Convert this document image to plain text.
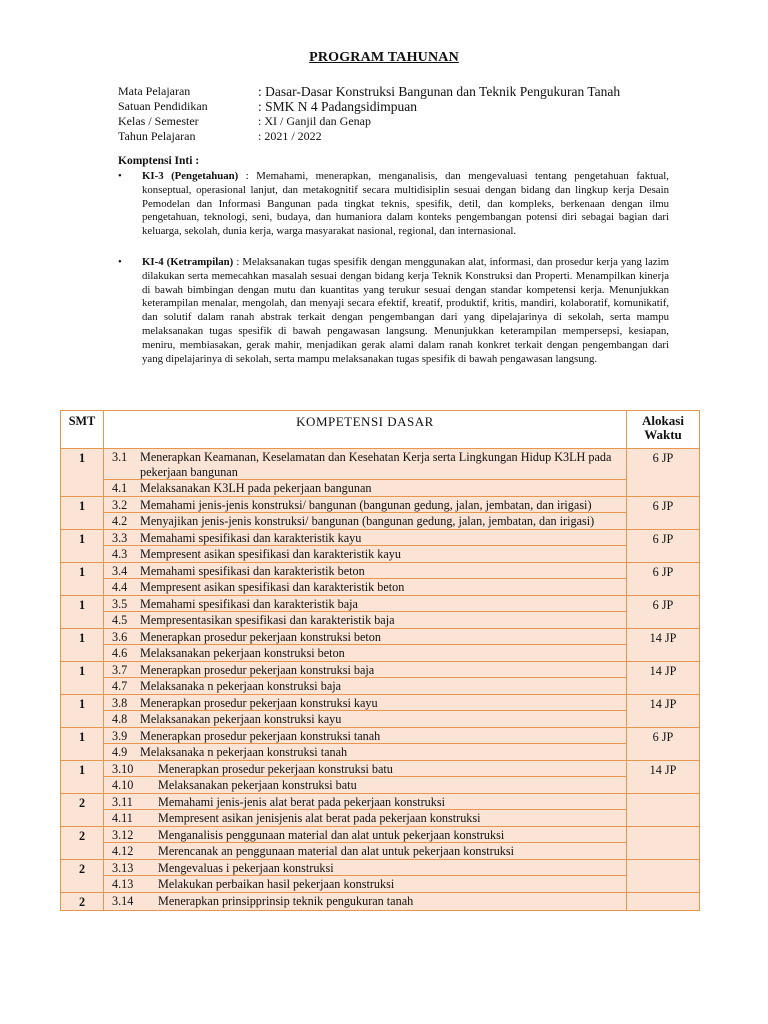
PROGRAM TAHUNAN
Mata Pelajaran	: Dasar-Dasar Konstruksi Bangunan dan Teknik Pengukuran Tanah
Satuan Pendidikan	: SMK N 4 Padangsidimpuan
Kelas / Semester	: XI / Ganjil dan Genap
Tahun Pelajaran	: 2021 / 2022
Komptensi Inti :
•	KI-3 (Pengetahuan) : Memahami, menerapkan, menganalisis, dan mengevaluasi tentang pengetahuan faktual, konseptual, operasional lanjut, dan metakognitif secara multidisiplin sesuai dengan bidang dan lingkup kerja Desain Pemodelan dan Informasi Bangunan pada tingkat teknis, spesifik, detil, dan kompleks, berkenaan dengan ilmu pengetahuan, teknologi, seni, budaya, dan humaniora dalam konteks pengembangan potensi diri sebagai bagian dari keluarga, sekolah, dunia kerja, warga masyarakat nasional, regional, dan internasional.
•	KI-4 (Ketrampilan) : Melaksanakan tugas spesifik dengan menggunakan alat, informasi, dan prosedur kerja yang lazim dilakukan serta memecahkan masalah sesuai dengan bidang kerja Teknik Konstruksi dan Properti. Menampilkan kinerja di bawah bimbingan dengan mutu dan kuantitas yang terukur sesuai dengan standar kompetensi kerja. Menunjukkan keterampilan menalar, mengolah, dan menyaji secara efektif, kreatif, produktif, kritis, mandiri, kolaboratif, komunikatif, dan solutif dalam ranah abstrak terkait dengan pengembangan dari yang dipelajarinya di sekolah, serta mampu melaksanakan tugas spesifik di bawah pengawasan langsung. Menunjukkan keterampilan mempersepsi, kesiapan, meniru, membiasakan, gerak mahir, menjadikan gerak alami dalam ranah konkret terkait dengan pengembangan dari yang dipelajarinya di sekolah, serta mampu melaksanakan tugas spesifik di bawah pengawasan langsung.
SMT	KOMPETENSI DASAR	Alokasi Waktu
1	3.1 Menerapkan Keamanan, Keselamatan dan Kesehatan Kerja serta Lingkungan Hidup K3LH pada pekerjaan bangunan
4.1 Melaksanakan K3LH pada pekerjaan bangunan	6 JP
1	3.2 Memahami jenis-jenis konstruksi/ bangunan (bangunan gedung, jalan, jembatan, dan irigasi)
4.2 Menyajikan jenis-jenis konstruksi/ bangunan (bangunan gedung, jalan, jembatan, dan irigasi)	6 JP
1	3.3 Memahami spesifikasi dan karakteristik kayu
4.3 Mempresent asikan spesifikasi dan karakteristik kayu	6 JP
1	3.4 Memahami spesifikasi dan karakteristik beton
4.4 Mempresent asikan spesifikasi dan karakteristik beton	6 JP
1	3.5 Memahami spesifikasi dan karakteristik baja
4.5 Mempresentasikan spesifikasi dan karakteristik baja	6 JP
1	3.6 Menerapkan prosedur pekerjaan konstruksi beton
4.6 Melaksanakan pekerjaan konstruksi beton	14 JP
1	3.7 Menerapkan prosedur pekerjaan konstruksi baja
4.7 Melaksanaka n pekerjaan konstruksi baja	14 JP
1	3.8 Menerapkan prosedur pekerjaan konstruksi kayu
4.8 Melaksanakan pekerjaan konstruksi kayu	14 JP
1	3.9 Menerapkan prosedur pekerjaan konstruksi tanah
4.9 Melaksanaka n pekerjaan konstruksi tanah	6 JP
1	3.10 Menerapkan prosedur pekerjaan konstruksi batu
4.10 Melaksanakan pekerjaan konstruksi batu	14 JP
2	3.11 Memahami jenis-jenis alat berat pada pekerjaan konstruksi
4.11 Mempresent asikan jenisjenis alat berat pada pekerjaan konstruksi	

2	3.12 Menganalisis penggunaan material dan alat untuk pekerjaan konstruksi
4.12 Merencanak an penggunaan material dan alat untuk pekerjaan konstruksi	

2	3.13 Mengevaluas i pekerjaan konstruksi
4.13 Melakukan perbaikan hasil pekerjaan konstruksi	

2	3.14 Menerapkan prinsipprinsip teknik pengukuran tanah	
